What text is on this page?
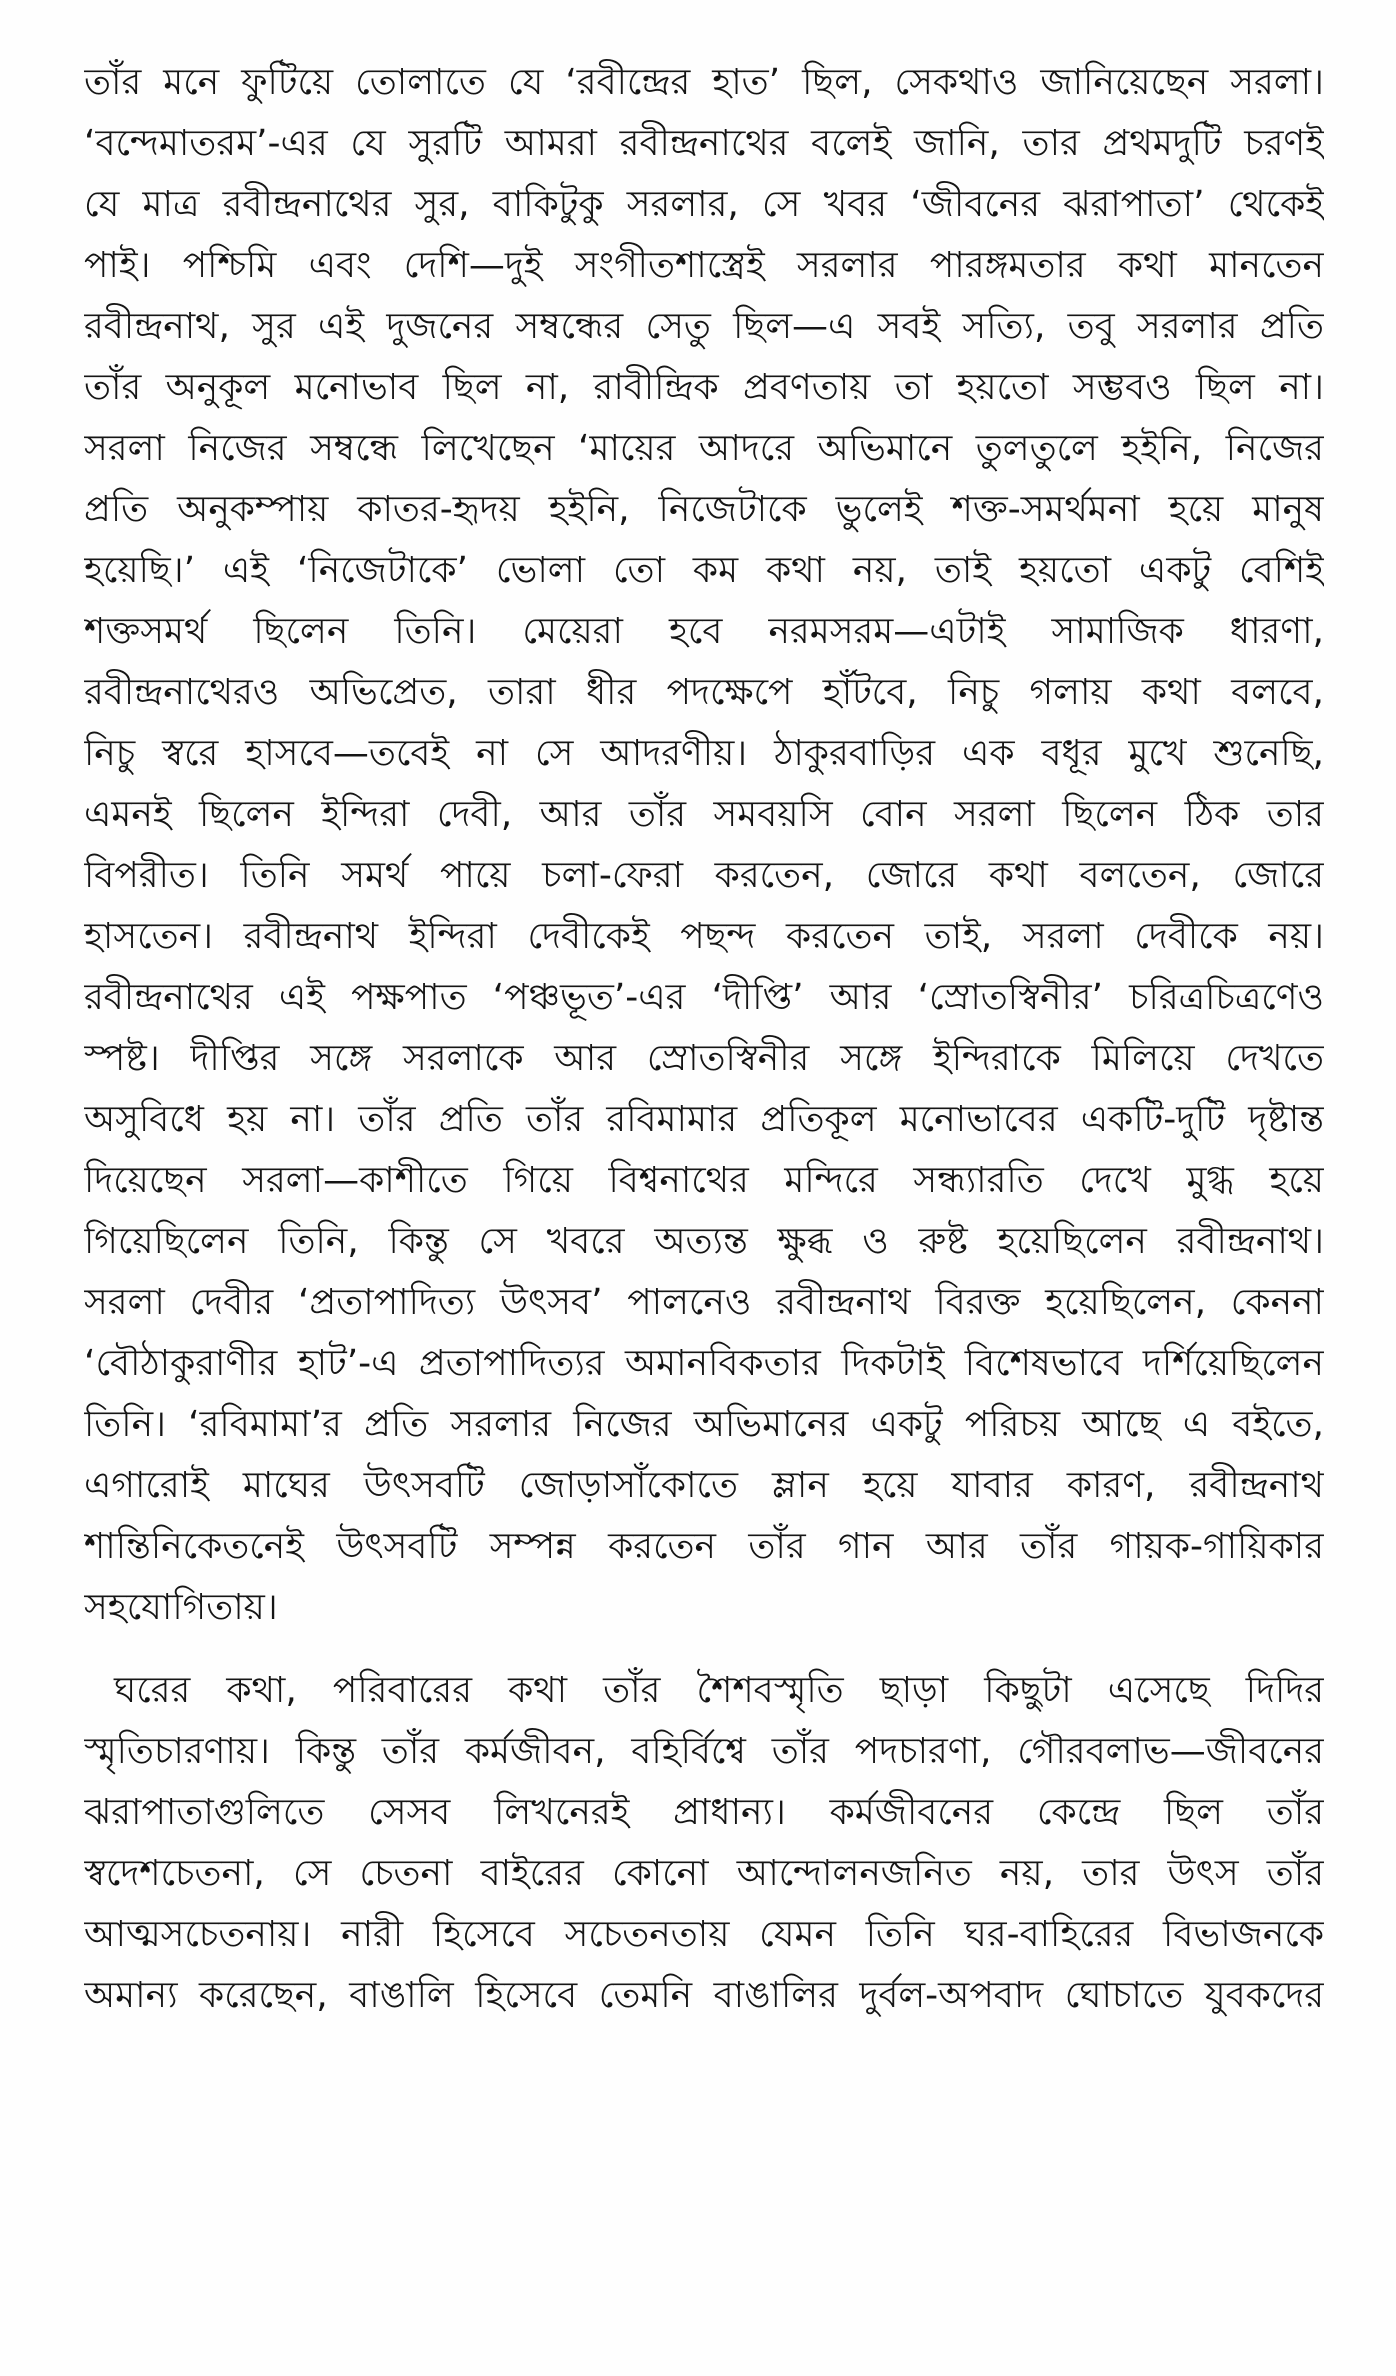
তাঁর মনে ফুটিয়ে তোলাতে যে ‘রবীন্দ্রের হাত’ ছিল, সেকথাও জানিয়েছেন সরলা।
‘বন্দেমাতরম’-এর যে সুরটি আমরা রবীন্দ্রনাথের বলেই জানি, তার প্রথমদুটি চরণই
যে মাত্র রবীন্দ্রনাথের সুর, বাকিটুকু সরলার, সে খবর ‘জীবনের ঝরাপাতা’ থেকেই
পাই। পশ্চিমি এবং দেশি—দুই সংগীতশাস্ত্রেই সরলার পারঙ্গমতার কথা মানতেন
রবীন্দ্রনাথ, সুর এই দুজনের সম্বন্ধের সেতু ছিল—এ সবই সত্যি, তবু সরলার প্রতি
তাঁর অনুকূল মনোভাব ছিল না, রাবীন্দ্রিক প্রবণতায় তা হয়তো সম্ভবও ছিল না।
সরলা নিজের সম্বন্ধে লিখেছেন ‘মায়ের আদরে অভিমানে তুলতুলে হইনি, নিজের
প্রতি অনুকম্পায় কাতর-হৃদয় হইনি, নিজেটাকে ভুলেই শক্ত-সমর্থমনা হয়ে মানুষ
হয়েছি।’ এই ‘নিজেটাকে’ ভোলা তো কম কথা নয়, তাই হয়তো একটু বেশিই
শক্তসমর্থ ছিলেন তিনি। মেয়েরা হবে নরমসরম—এটাই সামাজিক ধারণা,
রবীন্দ্রনাথেরও অভিপ্রেত, তারা ধীর পদক্ষেপে হাঁটবে, নিচু গলায় কথা বলবে,
নিচু স্বরে হাসবে—তবেই না সে আদরণীয়। ঠাকুরবাড়ির এক বধূর মুখে শুনেছি,
এমনই ছিলেন ইন্দিরা দেবী, আর তাঁর সমবয়সি বোন সরলা ছিলেন ঠিক তার
বিপরীত। তিনি সমর্থ পায়ে চলা-ফেরা করতেন, জোরে কথা বলতেন, জোরে
হাসতেন। রবীন্দ্রনাথ ইন্দিরা দেবীকেই পছন্দ করতেন তাই, সরলা দেবীকে নয়।
রবীন্দ্রনাথের এই পক্ষপাত ‘পঞ্চভূত’-এর ‘দীপ্তি’ আর ‘স্রোতস্বিনীর’ চরিত্রচিত্রণেও
স্পষ্ট। দীপ্তির সঙ্গে সরলাকে আর স্রোতস্বিনীর সঙ্গে ইন্দিরাকে মিলিয়ে দেখতে
অসুবিধে হয় না। তাঁর প্রতি তাঁর রবিমামার প্রতিকূল মনোভাবের একটি-দুটি দৃষ্টান্ত
দিয়েছেন সরলা—কাশীতে গিয়ে বিশ্বনাথের মন্দিরে সন্ধ্যারতি দেখে মুগ্ধ হয়ে
গিয়েছিলেন তিনি, কিন্তু সে খবরে অত্যন্ত ক্ষুব্ধ ও রুষ্ট হয়েছিলেন রবীন্দ্রনাথ।
সরলা দেবীর ‘প্রতাপাদিত্য উৎসব’ পালনেও রবীন্দ্রনাথ বিরক্ত হয়েছিলেন, কেননা
‘বৌঠাকুরাণীর হাট’-এ প্রতাপাদিত্যর অমানবিকতার দিকটাই বিশেষভাবে দর্শিয়েছিলেন
তিনি। ‘রবিমামা’র প্রতি সরলার নিজের অভিমানের একটু পরিচয় আছে এ বইতে,
এগারোই মাঘের উৎসবটি জোড়াসাঁকোতে ম্লান হয়ে যাবার কারণ, রবীন্দ্রনাথ
শান্তিনিকেতনেই উৎসবটি সম্পন্ন করতেন তাঁর গান আর তাঁর গায়ক-গায়িকার
সহযোগিতায়।
ঘরের কথা, পরিবারের কথা তাঁর শৈশবস্মৃতি ছাড়া কিছুটা এসেছে দিদির
স্মৃতিচারণায়। কিন্তু তাঁর কর্মজীবন, বহির্বিশ্বে তাঁর পদচারণা, গৌরবলাভ—জীবনের
ঝরাপাতাগুলিতে সেসব লিখনেরই প্রাধান্য। কর্মজীবনের কেন্দ্রে ছিল তাঁর
স্বদেশচেতনা, সে চেতনা বাইরের কোনো আন্দোলনজনিত নয়, তার উৎস তাঁর
আত্মসচেতনায়। নারী হিসেবে সচেতনতায় যেমন তিনি ঘর-বাহিরের বিভাজনকে
অমান্য করেছেন, বাঙালি হিসেবে তেমনি বাঙালির দুর্বল-অপবাদ ঘোচাতে যুবকদের
